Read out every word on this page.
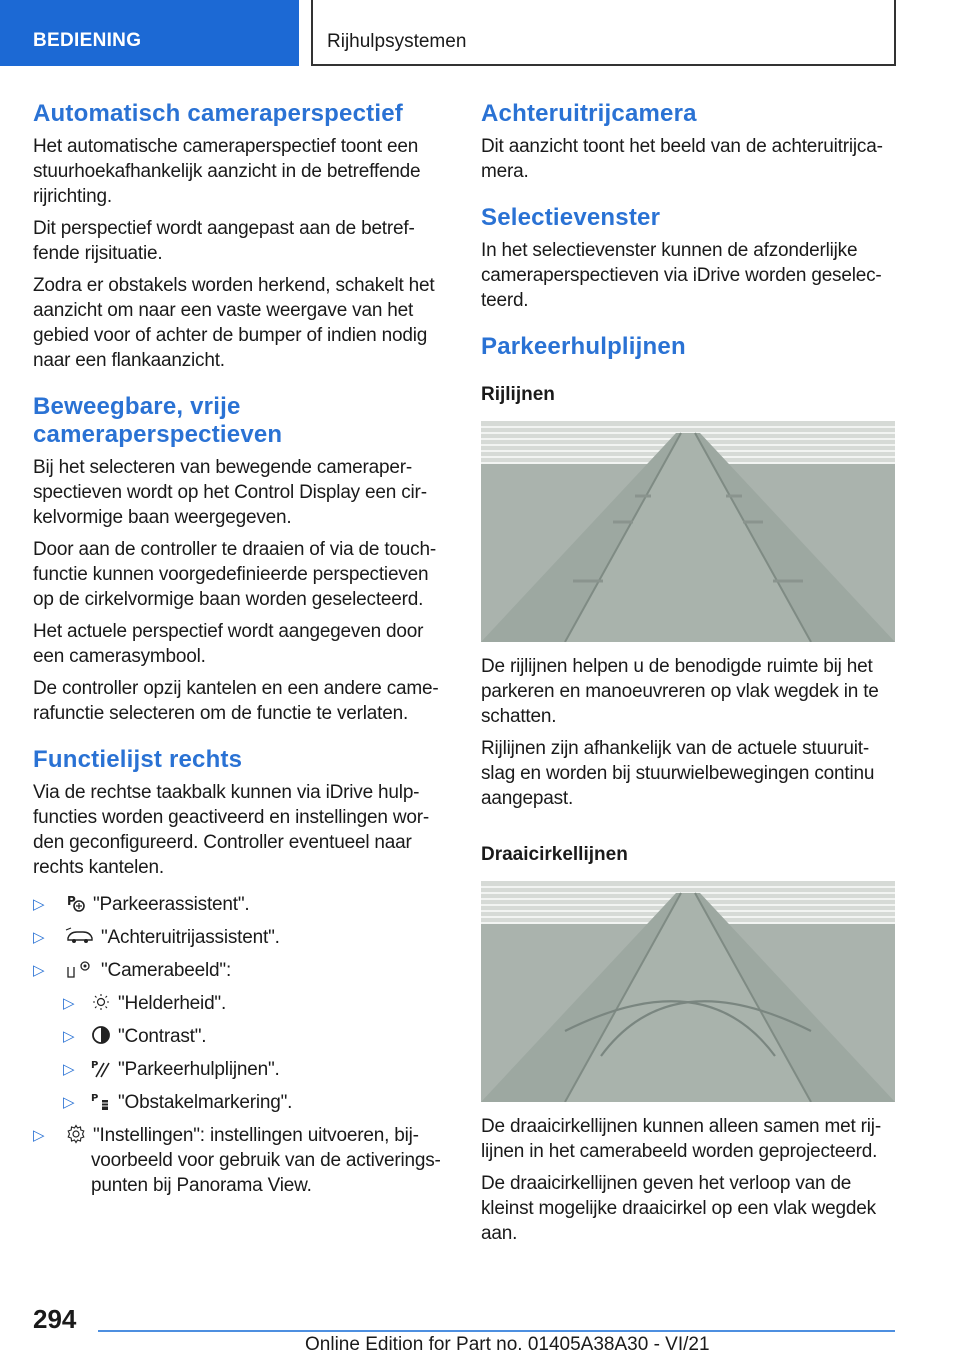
BEDIENING	Rijhulpsystemen
Automatisch cameraperspectief

Het automatische cameraperspectief toont een stuurhoekafhankelijk aanzicht in de betreffende rijrichting.

Dit perspectief wordt aangepast aan de betref-fende rijsituatie.

Zodra er obstakels worden herkend, schakelt het aanzicht om naar een vaste weergave van het gebied voor of achter de bumper of indien nodig naar een flankaanzicht.

Beweegbare, vrije cameraperspectieven

Bij het selecteren van bewegende cameraper-spectieven wordt op het Control Display een cir-kelvormige baan weergegeven.

Door aan de controller te draaien of via de touch-functie kunnen voorgedefinieerde perspectieven op de cirkelvormige baan worden geselecteerd.

Het actuele perspectief wordt aangegeven door een camerasymbool.

De controller opzij kantelen en een andere came-rafunctie selecteren om de functie te verlaten.

Functielijst rechts

Via de rechtse taakbalk kunnen via iDrive hulp-functies worden geactiveerd en instellingen wor-den geconfigureerd. Controller eventueel naar rechts kantelen.

▷ P "Parkeerassistent".
▷	"Achteruitrijassistent".
▷	"Camerabeeld":
▷ "Helderheid".
▷ "Contrast".
▷ P "Parkeerhulplijnen".
▷ P "Obstakelmarkering".
▷	"Instellingen": instellingen uitvoeren, bij-voorbeeld voor gebruik van de activerings-punten bij Panorama View.
Achteruitrijcamera

Dit aanzicht toont het beeld van de achteruitrijca-mera.

Selectievenster

In het selectievenster kunnen de afzonderlijke cameraperspectieven via iDrive worden geselec-teerd.

Parkeerhulplijnen
Rijlijnen

De rijlijnen helpen u de benodigde ruimte bij het parkeren en manoeuvreren op vlak wegdek in te schatten.

Rijlijnen zijn afhankelijk van de actuele stuuruit-slag en worden bij stuurwielbewegingen continu aangepast.

Draaicirkellijnen

De draaicirkellijnen kunnen alleen samen met rij-lijnen in het camerabeeld worden geprojecteerd.

De draaicirkellijnen geven het verloop van de kleinst mogelijke draaicirkel op een vlak wegdek aan.

294
Online Edition for Part no. 01405A38A30 - VI/21
